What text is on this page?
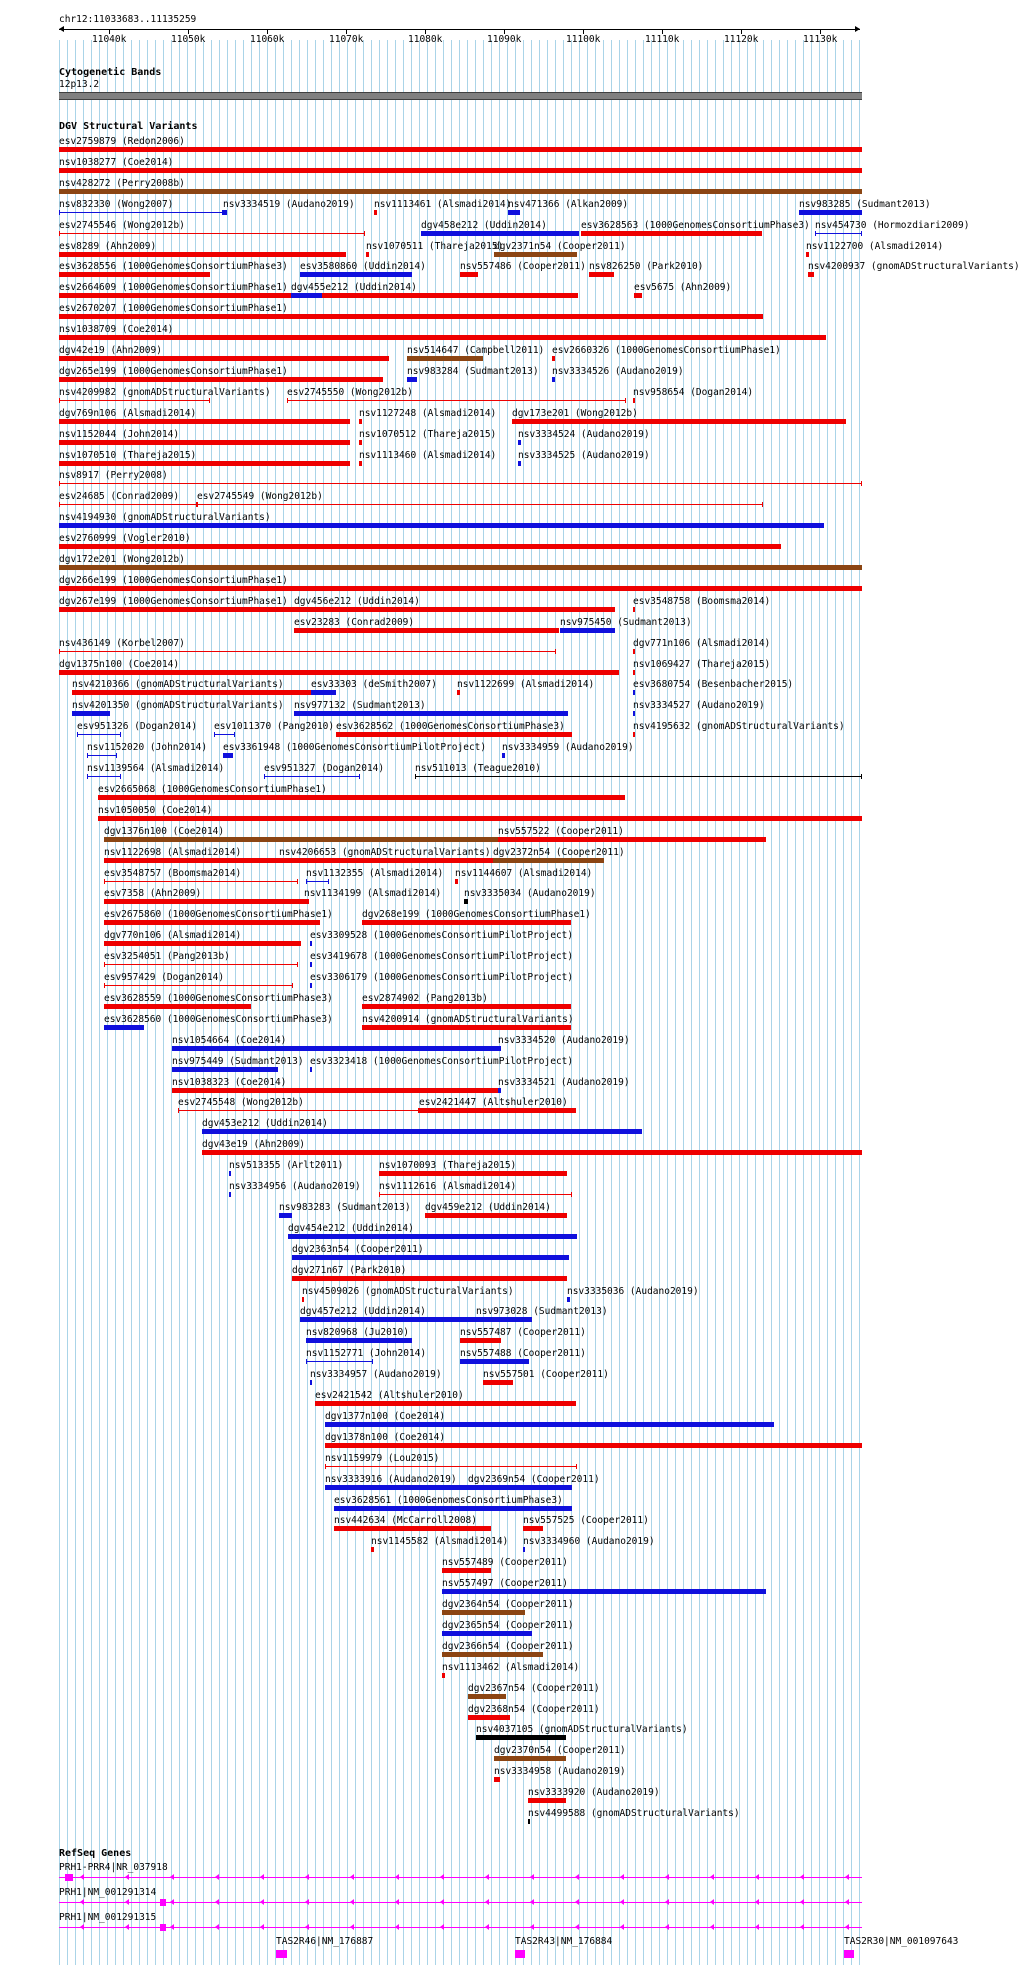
chr12:11033683..11135259
11040k	11050k	11060k	11070k	11080k	11090k	11100k	11110k	11120k	11130k
Cytogenetic Bands
12p13.2
DGV Structural Variants
esv2759879 (Redon2006)
nsv1038277 (Coe2014)
nsv428272 (Perry2008b)
nsv832330 (Wong2007)	nsv3334519 (Audano2019) nsv1113461 (Alsmadi2014)
nsv471366 (Alkan2009)	nsv983285 (Sudmant2013)
esv2745546 (Wong2012b)	dgv458e212 (Uddin2014)	esv3628563 (1000GenomesConsortiumPhase3) nsv454730 (Hormozdiari2009)
esv8289 (Ahn2009)	nsv1070511 (Thareja2015)
dgv2371n54 (Cooper2011)	nsv1122700 (Alsmadi2014)
esv3628556 (1000GenomesConsortiumPhase3) esv3580860 (Uddin2014)	nsv557486 (Cooper2011) nsv826250 (Park2010)	nsv4200937 (gnomADStructuralVariants)
esv2664609 (1000GenomesConsortiumPhase1) dgv455e212 (Uddin2014)	esv5675 (Ahn2009)
esv2670207 (1000GenomesConsortiumPhase1)
nsv1038709 (Coe2014)
dgv42e19 (Ahn2009)	nsv514647 (Campbell2011) esv2660326 (1000GenomesConsortiumPhase1)
dgv265e199 (1000GenomesConsortiumPhase1)	nsv983284 (Sudmant2013) nsv3334526 (Audano2019)
nsv4209982 (gnomADStructuralVariants) esv2745550 (Wong2012b)	nsv958654 (Dogan2014)
dgv769n106 (Alsmadi2014)	nsv1127248 (Alsmadi2014) dgv173e201 (Wong2012b)
nsv1152044 (John2014)	nsv1070512 (Thareja2015) nsv3334524 (Audano2019)
nsv1070510 (Thareja2015)	nsv1113460 (Alsmadi2014) nsv3334525 (Audano2019)
nsv8917 (Perry2008)
esv24685 (Conrad2009) esv2745549 (Wong2012b)
nsv4194930 (gnomADStructuralVariants)
esv2760999 (Vogler2010)
dgv172e201 (Wong2012b)
dgv266e199 (1000GenomesConsortiumPhase1)
dgv267e199 (1000GenomesConsortiumPhase1) dgv456e212 (Uddin2014)	esv3548758 (Boomsma2014)
esv23283 (Conrad2009)	nsv975450 (Sudmant2013)
nsv436149 (Korbel2007)	dgv771n106 (Alsmadi2014)
dgv1375n100 (Coe2014)	nsv1069427 (Thareja2015)
nsv4210366 (gnomADStructuralVariants)	esv33303 (deSmith2007) nsv1122699 (Alsmadi2014)	esv3680754 (Besenbacher2015)
nsv4201350 (gnomADStructuralVariants) nsv977132 (Sudmant2013)	nsv3334527 (Audano2019)
esv951326 (Dogan2014) esv1011370 (Pang2010) esv3628562 (1000GenomesConsortiumPhase3)	nsv4195632 (gnomADStructuralVariants)
nsv1152020 (John2014) esv3361948 (1000GenomesConsortiumPilotProject) nsv3334959 (Audano2019)
nsv1139564 (Alsmadi2014)	esv951327 (Dogan2014)	nsv511013 (Teague2010)
esv2665068 (1000GenomesConsortiumPhase1)
nsv1050050 (Coe2014)
dgv1376n100 (Coe2014)	nsv557522 (Cooper2011)
nsv1122698 (Alsmadi2014)	nsv4206653 (gnomADStructuralVariants) dgv2372n54 (Cooper2011)
esv3548757 (Boomsma2014)	nsv1132355 (Alsmadi2014) nsv1144607 (Alsmadi2014)
esv7358 (Ahn2009)	nsv1134199 (Alsmadi2014) nsv3335034 (Audano2019)
esv2675860 (1000GenomesConsortiumPhase1)	dgv268e199 (1000GenomesConsortiumPhase1)
dgv770n106 (Alsmadi2014)	esv3309528 (1000GenomesConsortiumPilotProject)
esv3254051 (Pang2013b)	esv3419678 (1000GenomesConsortiumPilotProject)
esv957429 (Dogan2014)	esv3306179 (1000GenomesConsortiumPilotProject)
esv3628559 (1000GenomesConsortiumPhase3)	esv2874902 (Pang2013b)
esv3628560 (1000GenomesConsortiumPhase3)	nsv4200914 (gnomADStructuralVariants)
nsv1054664 (Coe2014)	nsv3334520 (Audano2019)
nsv975449 (Sudmant2013) esv3323418 (1000GenomesConsortiumPilotProject)
nsv1038323 (Coe2014)	nsv3334521 (Audano2019)
esv2745548 (Wong2012b)	esv2421447 (Altshuler2010)
dgv453e212 (Uddin2014)
dgv43e19 (Ahn2009)
nsv513355 (Arlt2011)	nsv1070093 (Thareja2015)
nsv3334956 (Audano2019) nsv1112616 (Alsmadi2014)
nsv983283 (Sudmant2013) dgv459e212 (Uddin2014)
dgv454e212 (Uddin2014)
dgv2363n54 (Cooper2011)
dgv271n67 (Park2010)
nsv4509026 (gnomADStructuralVariants)	nsv3335036 (Audano2019)
dgv457e212 (Uddin2014)	nsv973028 (Sudmant2013)
nsv820968 (Ju2010)	nsv557487 (Cooper2011)
nsv1152771 (John2014)	nsv557488 (Cooper2011)
nsv3334957 (Audano2019)	nsv557501 (Cooper2011)
esv2421542 (Altshuler2010)
dgv1377n100 (Coe2014)
dgv1378n100 (Coe2014)
nsv1159979 (Lou2015)
nsv3333916 (Audano2019) dgv2369n54 (Cooper2011)
esv3628561 (1000GenomesConsortiumPhase3)
nsv442634 (McCarroll2008)	nsv557525 (Cooper2011)
nsv1145582 (Alsmadi2014) nsv3334960 (Audano2019)
nsv557489 (Cooper2011)
nsv557497 (Cooper2011)
dgv2364n54 (Cooper2011)
dgv2365n54 (Cooper2011)
dgv2366n54 (Cooper2011)
nsv1113462 (Alsmadi2014)
dgv2367n54 (Cooper2011)
dgv2368n54 (Cooper2011)
nsv4037105 (gnomADStructuralVariants)
dgv2370n54 (Cooper2011)
nsv3334958 (Audano2019)
nsv3333920 (Audano2019)
nsv4499588 (gnomADStructuralVariants)
RefSeq Genes
PRH1-PRR4|NR_037918
PRH1|NM_001291314
PRH1|NM_001291315
TAS2R46|NM_176887	TAS2R43|NM_176884	TAS2R30|NM_001097643
